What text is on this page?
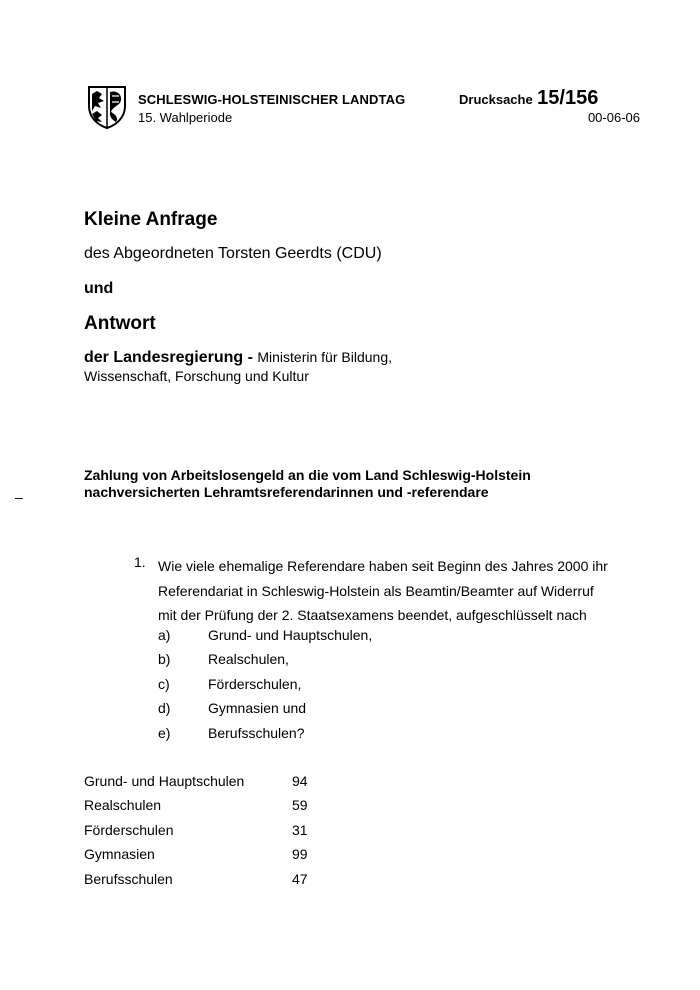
SCHLESWIG-HOLSTEINISCHER LANDTAG
15. Wahlperiode
Drucksache 15/156
00-06-06
Kleine Anfrage
des Abgeordneten Torsten Geerdts (CDU)
und
Antwort
der Landesregierung - Ministerin für Bildung,
Wissenschaft, Forschung und Kultur
–
Zahlung von Arbeitslosengeld an die vom Land Schleswig-Holstein
nachversicherten Lehramtsreferendarinnen und -referendare
1. Wie viele ehemalige Referendare haben seit Beginn des Jahres 2000 ihr
Referendariat in Schleswig-Holstein als Beamtin/Beamter auf Widerruf
mit der Prüfung der 2. Staatsexamens beendet, aufgeschlüsselt nach
a)	Grund- und Hauptschulen,
b)	Realschulen,
c)	Förderschulen,
d)	Gymnasien und
e)	Berufsschulen?
Grund- und Hauptschulen	94
Realschulen	59
Förderschulen	31
Gymnasien	99
Berufsschulen	47
